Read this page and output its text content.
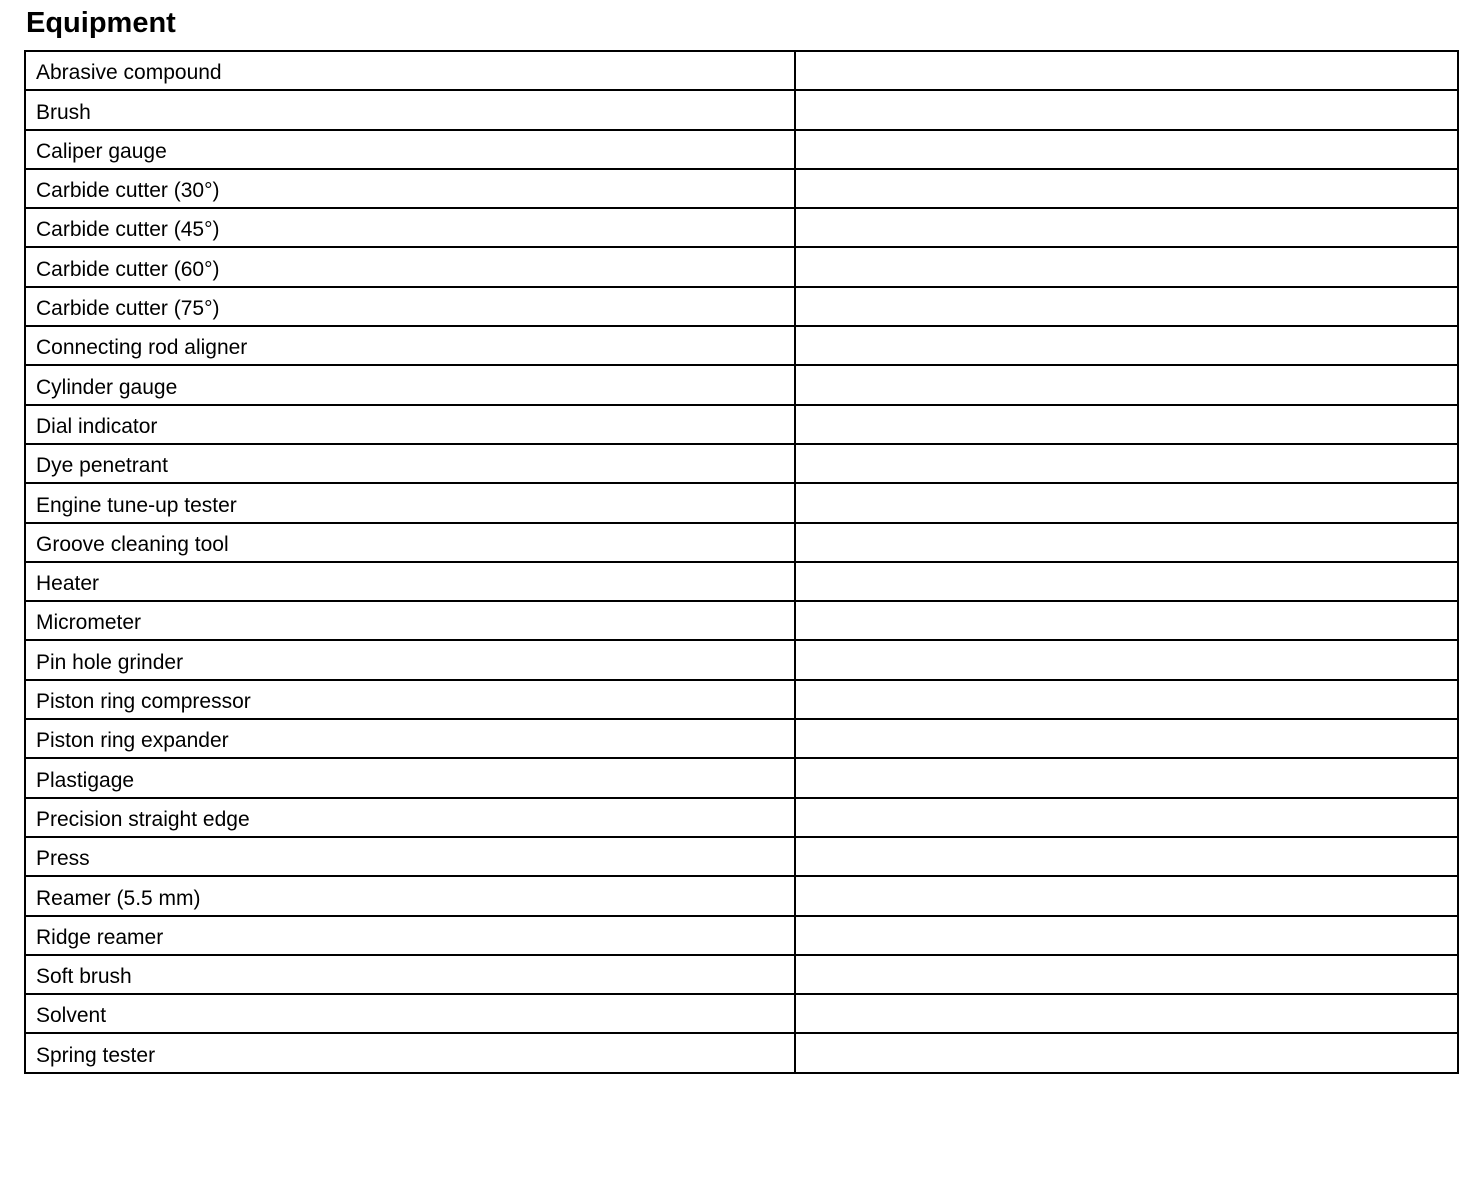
Equipment
Abrasive compound	
Brush	
Caliper gauge	
Carbide cutter (30°)	
Carbide cutter (45°)	
Carbide cutter (60°)	
Carbide cutter (75°)	
Connecting rod aligner	
Cylinder gauge	
Dial indicator	
Dye penetrant	
Engine tune-up tester	
Groove cleaning tool	
Heater	
Micrometer	
Pin hole grinder	
Piston ring compressor	
Piston ring expander	
Plastigage	
Precision straight edge	
Press	
Reamer (5.5 mm)	
Ridge reamer	
Soft brush	
Solvent	
Spring tester	
